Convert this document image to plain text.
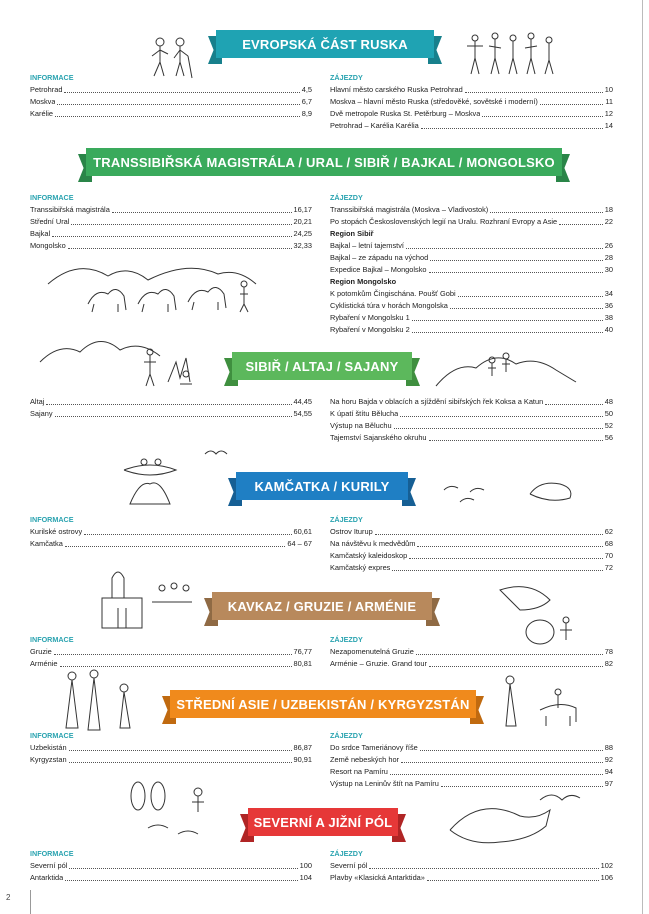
2
EVROPSKÁ ČÁST RUSKA
INFORMACE
Petrohrad	4,5
Moskva	6,7
Karélie	8,9
ZÁJEZDY
Hlavní město carského Ruska Petrohrad	10
Moskva – hlavní město Ruska (středověké, sovětské i moderní)	11
Dvě metropole Ruska St. Petěrburg – Moskva	12
Petrohrad – Karélia Karélia	14
TRANSSIBIŘSKÁ MAGISTRÁLA / URAL / SIBIŘ / BAJKAL / MONGOLSKO
INFORMACE
Transsibiřská magistrála	16,17
Střední Ural	20,21
Bajkal	24,25
Mongolsko	32,33
ZÁJEZDY
Transsibiřská magistrála (Moskva – Vladivostok)	18
Po stopách Československých legií na Uralu. Rozhraní Evropy a Asie	22
Region Sibiř
Bajkal – letní tajemství	26
Bajkal – ze západu na východ	28
Expedice Bajkal – Mongolsko	30
Region Mongolsko
K potomkům Čingischána. Poušť Gobi	34
Cyklistická túra v horách Mongolska	36
Rybaření v Mongolsku 1	38
Rybaření v Mongolsku 2	40
SIBIŘ / ALTAJ / SAJANY
Altaj	44,45
Sajany	54,55
Na horu Bajda v oblacích a sjíždění sibiřských řek Koksa a Katun	48
K úpatí štítu Bělucha	50
Výstup na Běluchu	52
Tajemství Sajanského okruhu	56
KAMČATKA / KURILY
INFORMACE
Kurilské ostrovy	60,61
Kamčatka	64 – 67
ZÁJEZDY
Ostrov Iturup	62
Na návštěvu k medvědům	68
Kamčatský kaleidoskop	70
Kamčatský expres	72
KAVKAZ / GRUZIE / ARMÉNIE
INFORMACE
Gruzie	76,77
Arménie	80,81
ZÁJEZDY
Nezapomenutelná Gruzie	78
Arménie – Gruzie. Grand tour	82
STŘEDNÍ ASIE / UZBEKISTÁN / KYRGYZSTÁN
INFORMACE
Uzbekistán	86,87
Kyrgyzstan	90,91
ZÁJEZDY
Do srdce Tameriánovy říše	88
Země nebeských hor	92
Resort na Pamíru	94
Výstup na Leninův štít na Pamíru	97
SEVERNÍ A JIŽNÍ PÓL
INFORMACE
Severní pól	100
Antarktida	104
ZÁJEZDY
Severní pól	102
Plavby «Klasická Antarktida»	106
